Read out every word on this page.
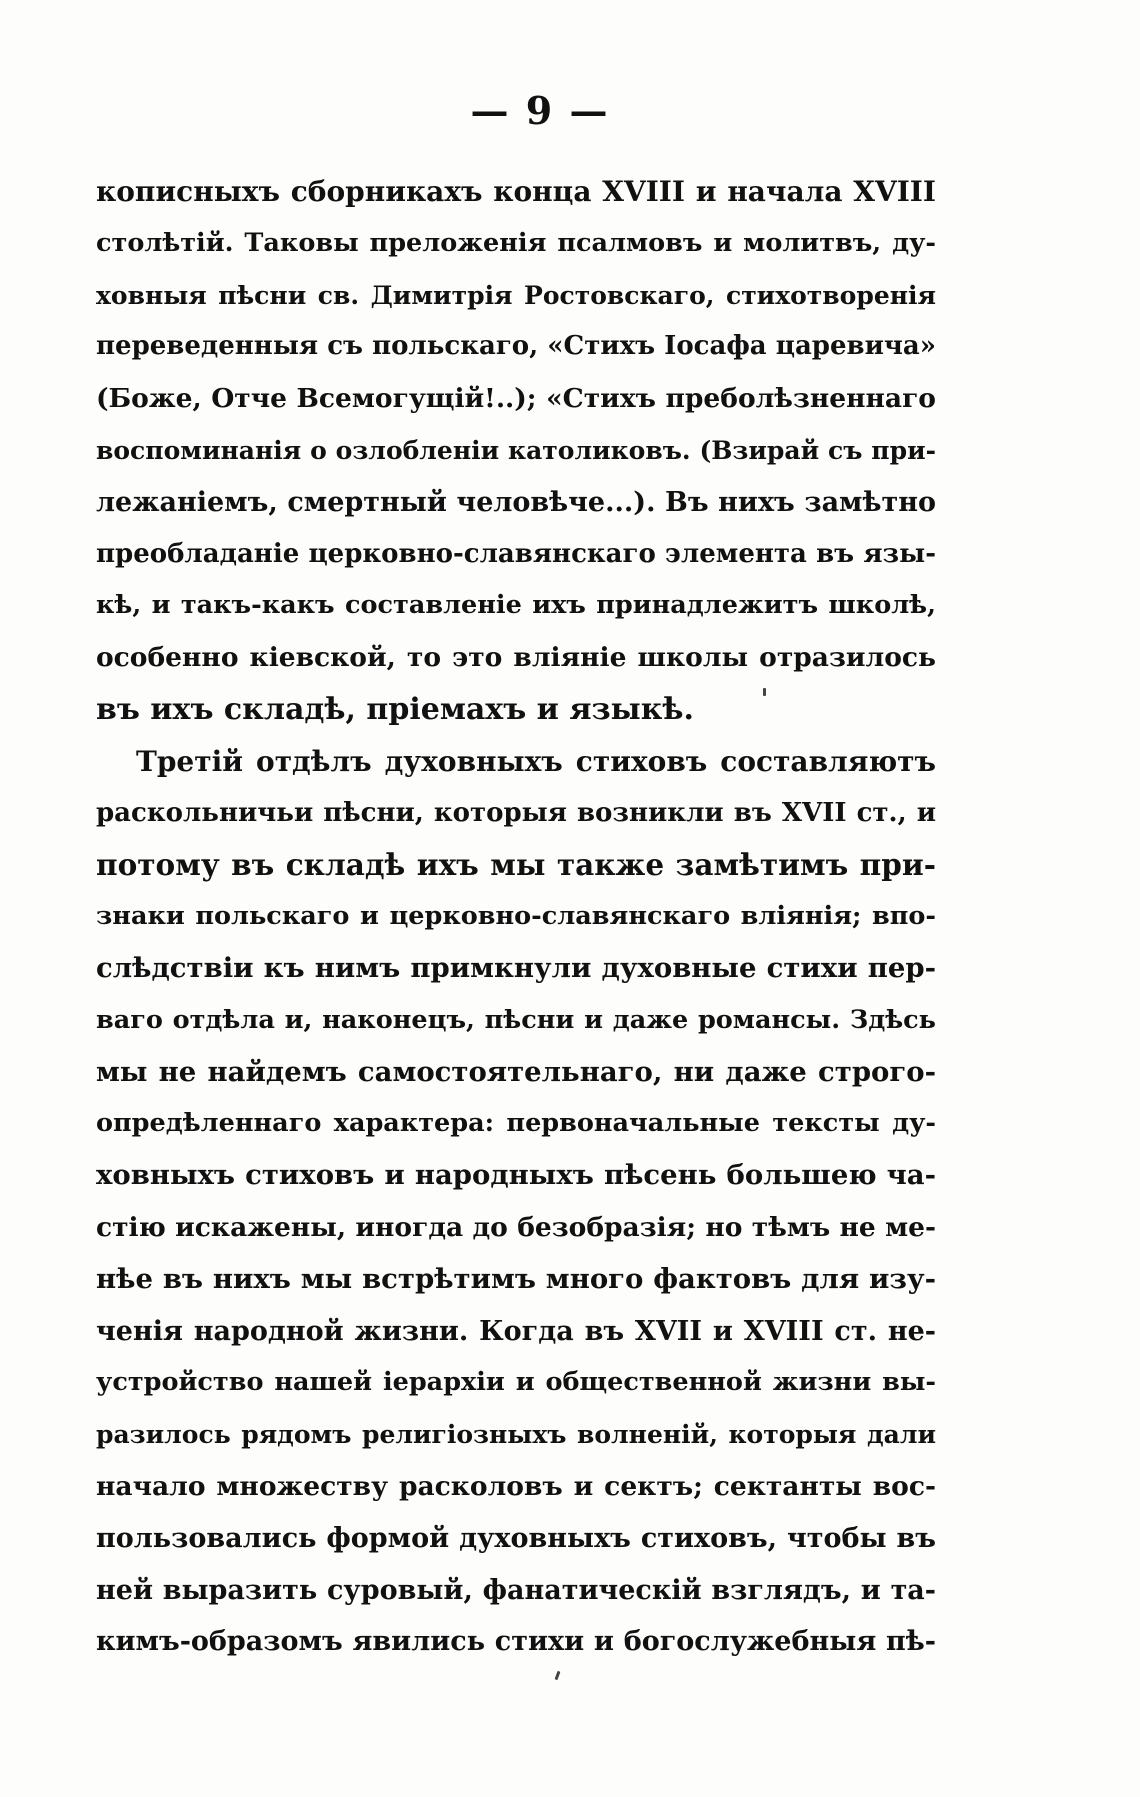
— 9 —
кописныхъ сборникахъ конца XVIII и начала XVIII
столѣтій. Таковы преложенія псалмовъ и молитвъ, ду-
ховныя пѣсни св. Димитрія Ростовскаго, стихотворенія
переведенныя съ польскаго, «Стихъ Іосафа царевича»
(Боже, Отче Всемогущій!..); «Стихъ преболѣзненнаго
воспоминанія о озлобленіи католиковъ. (Взирай съ при-
лежаніемъ, смертный человѣче...). Въ нихъ замѣтно
преобладаніе церковно-славянскаго элемента въ язы-
кѣ, и такъ-какъ составленіе ихъ принадлежитъ школѣ,
особенно кіевской, то это вліяніе школы отразилось
въ ихъ складѣ, пріемахъ и языкѣ.
Третій отдѣлъ духовныхъ стиховъ составляютъ
раскольничьи пѣсни, которыя возникли въ XVII ст., и
потому въ складѣ ихъ мы также замѣтимъ при-
знаки польскаго и церковно-славянскаго вліянія; впо-
слѣдствіи къ нимъ примкнули духовные стихи пер-
ваго отдѣла и, наконецъ, пѣсни и даже романсы. Здѣсь
мы не найдемъ самостоятельнаго, ни даже строго-
опредѣленнаго характера: первоначальные тексты ду-
ховныхъ стиховъ и народныхъ пѣсень большею ча-
стію искажены, иногда до безобразія; но тѣмъ не ме-
нѣе въ нихъ мы встрѣтимъ много фактовъ для изу-
ченія народной жизни. Когда въ XVII и XVIII ст. не-
устройство нашей іерархіи и общественной жизни вы-
разилось рядомъ религіозныхъ волненій, которыя дали
начало множеству расколовъ и сектъ; сектанты вос-
пользовались формой духовныхъ стиховъ, чтобы въ
ней выразить суровый, фанатическій взглядъ, и та-
кимъ-образомъ явились стихи и богослужебныя пѣ-
